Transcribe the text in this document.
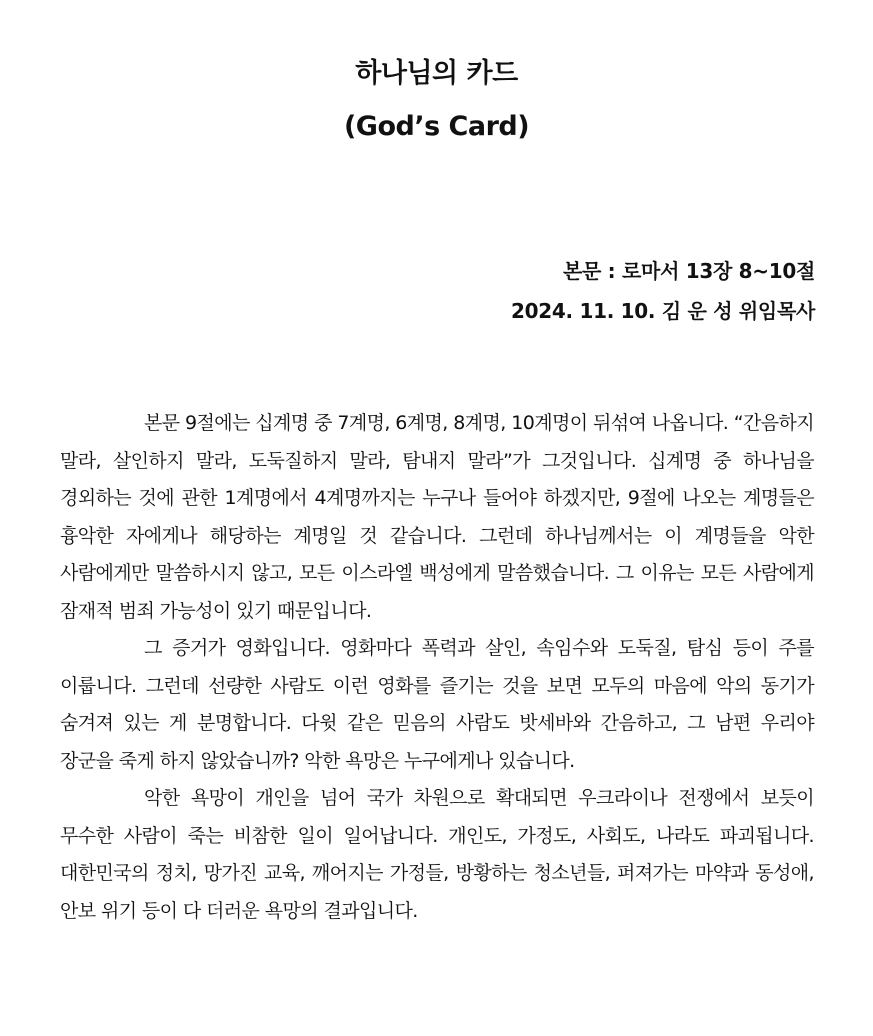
하나님의 카드
(God’s Card)
본문 : 로마서 13장 8~10절
2024. 11. 10. 김 운 성 위임목사

본문 9절에는 십계명 중 7계명, 6계명, 8계명, 10계명이 뒤섞여 나옵니다. “간음하지 말라, 살인하지 말라, 도둑질하지 말라, 탐내지 말라”가 그것입니다. 십계명 중 하나님을 경외하는 것에 관한 1계명에서 4계명까지는 누구나 들어야 하겠지만, 9절에 나오는 계명들은 흉악한 자에게나 해당하는 계명일 것 같습니다. 그런데 하나님께서는 이 계명들을 악한 사람에게만 말씀하시지 않고, 모든 이스라엘 백성에게 말씀했습니다. 그 이유는 모든 사람에게 잠재적 범죄 가능성이 있기 때문입니다.

그 증거가 영화입니다. 영화마다 폭력과 살인, 속임수와 도둑질, 탐심 등이 주를 이룹니다. 그런데 선량한 사람도 이런 영화를 즐기는 것을 보면 모두의 마음에 악의 동기가 숨겨져 있는 게 분명합니다. 다윗 같은 믿음의 사람도 밧세바와 간음하고, 그 남편 우리야 장군을 죽게 하지 않았습니까? 악한 욕망은 누구에게나 있습니다.

악한 욕망이 개인을 넘어 국가 차원으로 확대되면 우크라이나 전쟁에서 보듯이 무수한 사람이 죽는 비참한 일이 일어납니다. 개인도, 가정도, 사회도, 나라도 파괴됩니다. 대한민국의 정치, 망가진 교육, 깨어지는 가정들, 방황하는 청소년들, 퍼져가는 마약과 동성애, 안보 위기 등이 다 더러운 욕망의 결과입니다.
